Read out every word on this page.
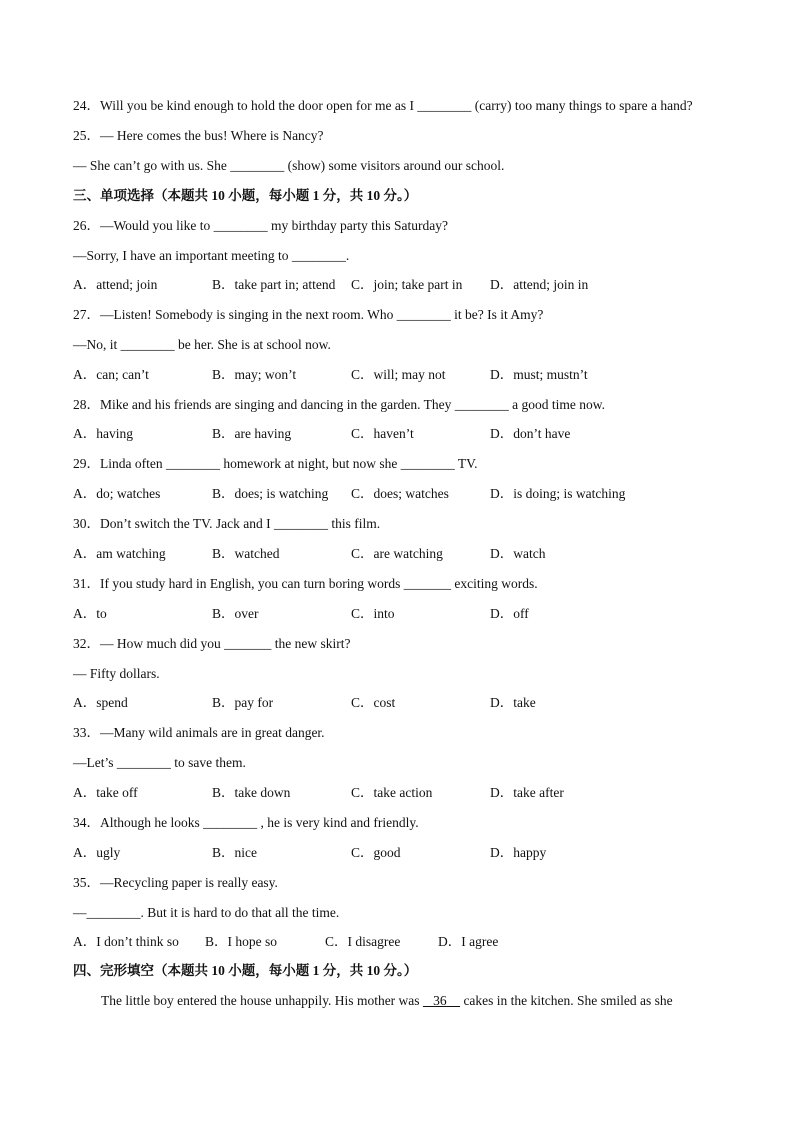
24．Will you be kind enough to hold the door open for me as I ________ (carry) too many things to spare a hand?
25．— Here comes the bus! Where is Nancy?
— She can’t go with us. She ________ (show) some visitors around our school.
三、单项选择（本题共 10 小题，每小题 1 分，共 10 分。）
26．—Would you like to ________ my birthday party this Saturday?
—Sorry, I have an important meeting to ________.
A．attend; join	B．take part in; attend C．join; take part in D．attend; join in
27．—Listen! Somebody is singing in the next room. Who ________ it be? Is it Amy?
—No, it ________ be her. She is at school now.
A．can; can’t	B．may; won’t	C．will; may not	D．must; mustn’t
28．Mike and his friends are singing and dancing in the garden. They ________ a good time now.
A．having	B．are having	C．haven’t	D．don’t have
29．Linda often ________ homework at night, but now she ________ TV.
A．do; watches	B．does; is watching C．does; watches	D．is doing; is watching
30．Don’t switch the TV. Jack and I ________ this film.
A．am watching	B．watched	C．are watching	D．watch
31．If you study hard in English, you can turn boring words _______ exciting words.
A．to	B．over	C．into	D．off
32．— How much did you _______ the new skirt?
— Fifty dollars.
A．spend	B．pay for	C．cost	D．take
33．—Many wild animals are in great danger.
—Let’s ________ to save them.
A．take off	B．take down	C．take action	D．take after
34．Although he looks ________ , he is very kind and friendly.
A．ugly	B．nice	C．good	D．happy
35．—Recycling paper is really easy.
—________. But it is hard to do that all the time.
A．I don’t think so B．I hope so	C．I disagree	D．I agree
四、完形填空（本题共 10 小题，每小题 1 分，共 10 分。）
The little boy entered the house unhappily. His mother was    36     cakes in the kitchen. She smiled as she
